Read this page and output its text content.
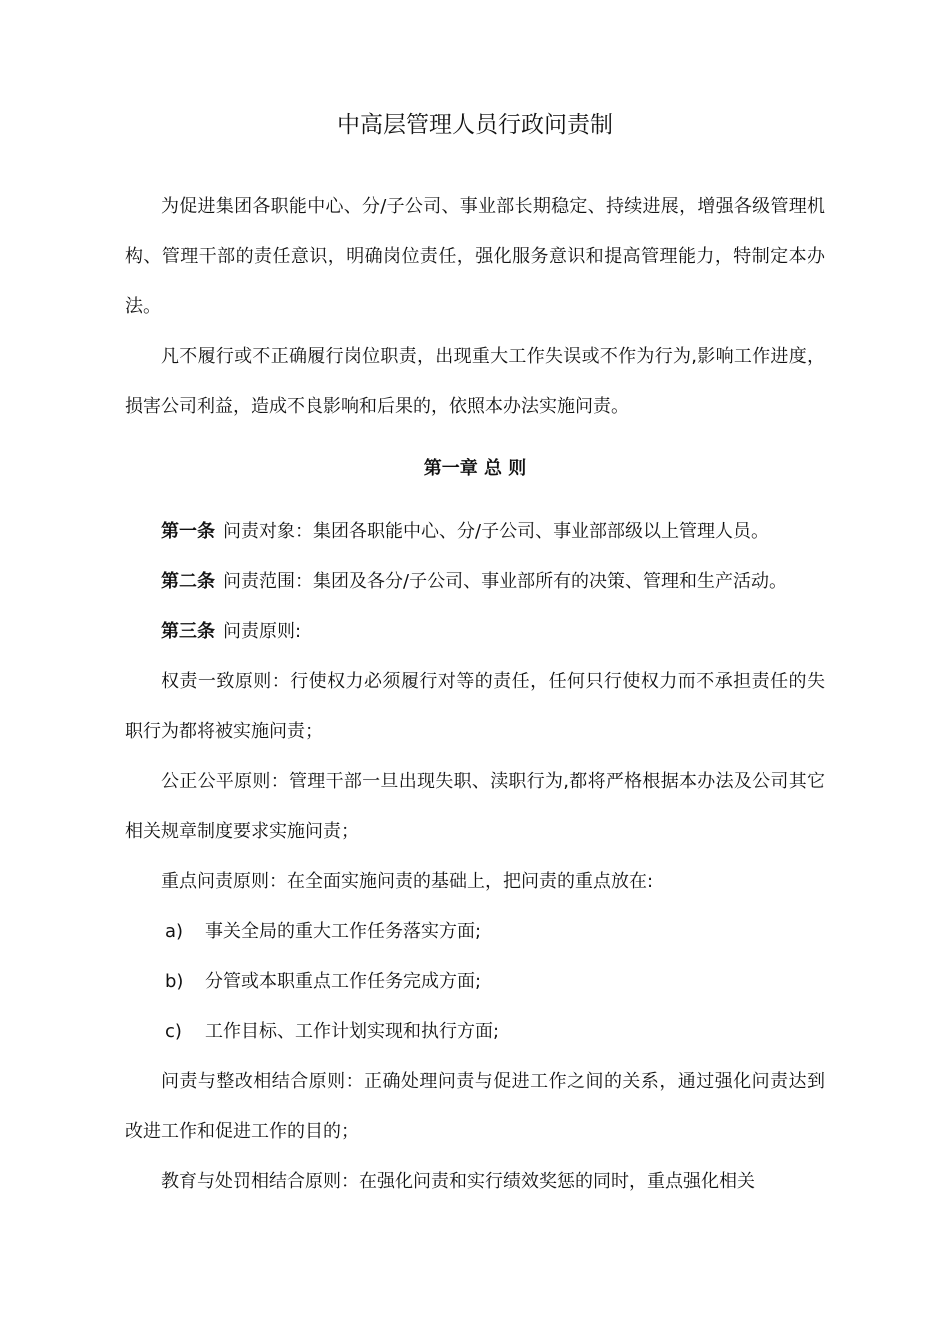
中高层管理人员行政问责制

为促进集团各职能中心、分/子公司、事业部长期稳定、持续进展，增强各级管理机构、管理干部的责任意识，明确岗位责任，强化服务意识和提高管理能力，特制定本办法。

凡不履行或不正确履行岗位职责，出现重大工作失误或不作为行为,影响工作进度，损害公司利益，造成不良影响和后果的，依照本办法实施问责。

第一章 总 则

第一条 问责对象：集团各职能中心、分/子公司、事业部部级以上管理人员。

第二条 问责范围：集团及各分/子公司、事业部所有的决策、管理和生产活动。

第三条 问责原则:

权责一致原则：行使权力必须履行对等的责任，任何只行使权力而不承担责任的失职行为都将被实施问责；

公正公平原则：管理干部一旦出现失职、渎职行为,都将严格根据本办法及公司其它相关规章制度要求实施问责；

重点问责原则：在全面实施问责的基础上，把问责的重点放在:

a) 事关全局的重大工作任务落实方面;

b) 分管或本职重点工作任务完成方面;

c) 工作目标、工作计划实现和执行方面;

问责与整改相结合原则：正确处理问责与促进工作之间的关系，通过强化问责达到改进工作和促进工作的目的；

教育与处罚相结合原则：在强化问责和实行绩效奖惩的同时，重点强化相关
